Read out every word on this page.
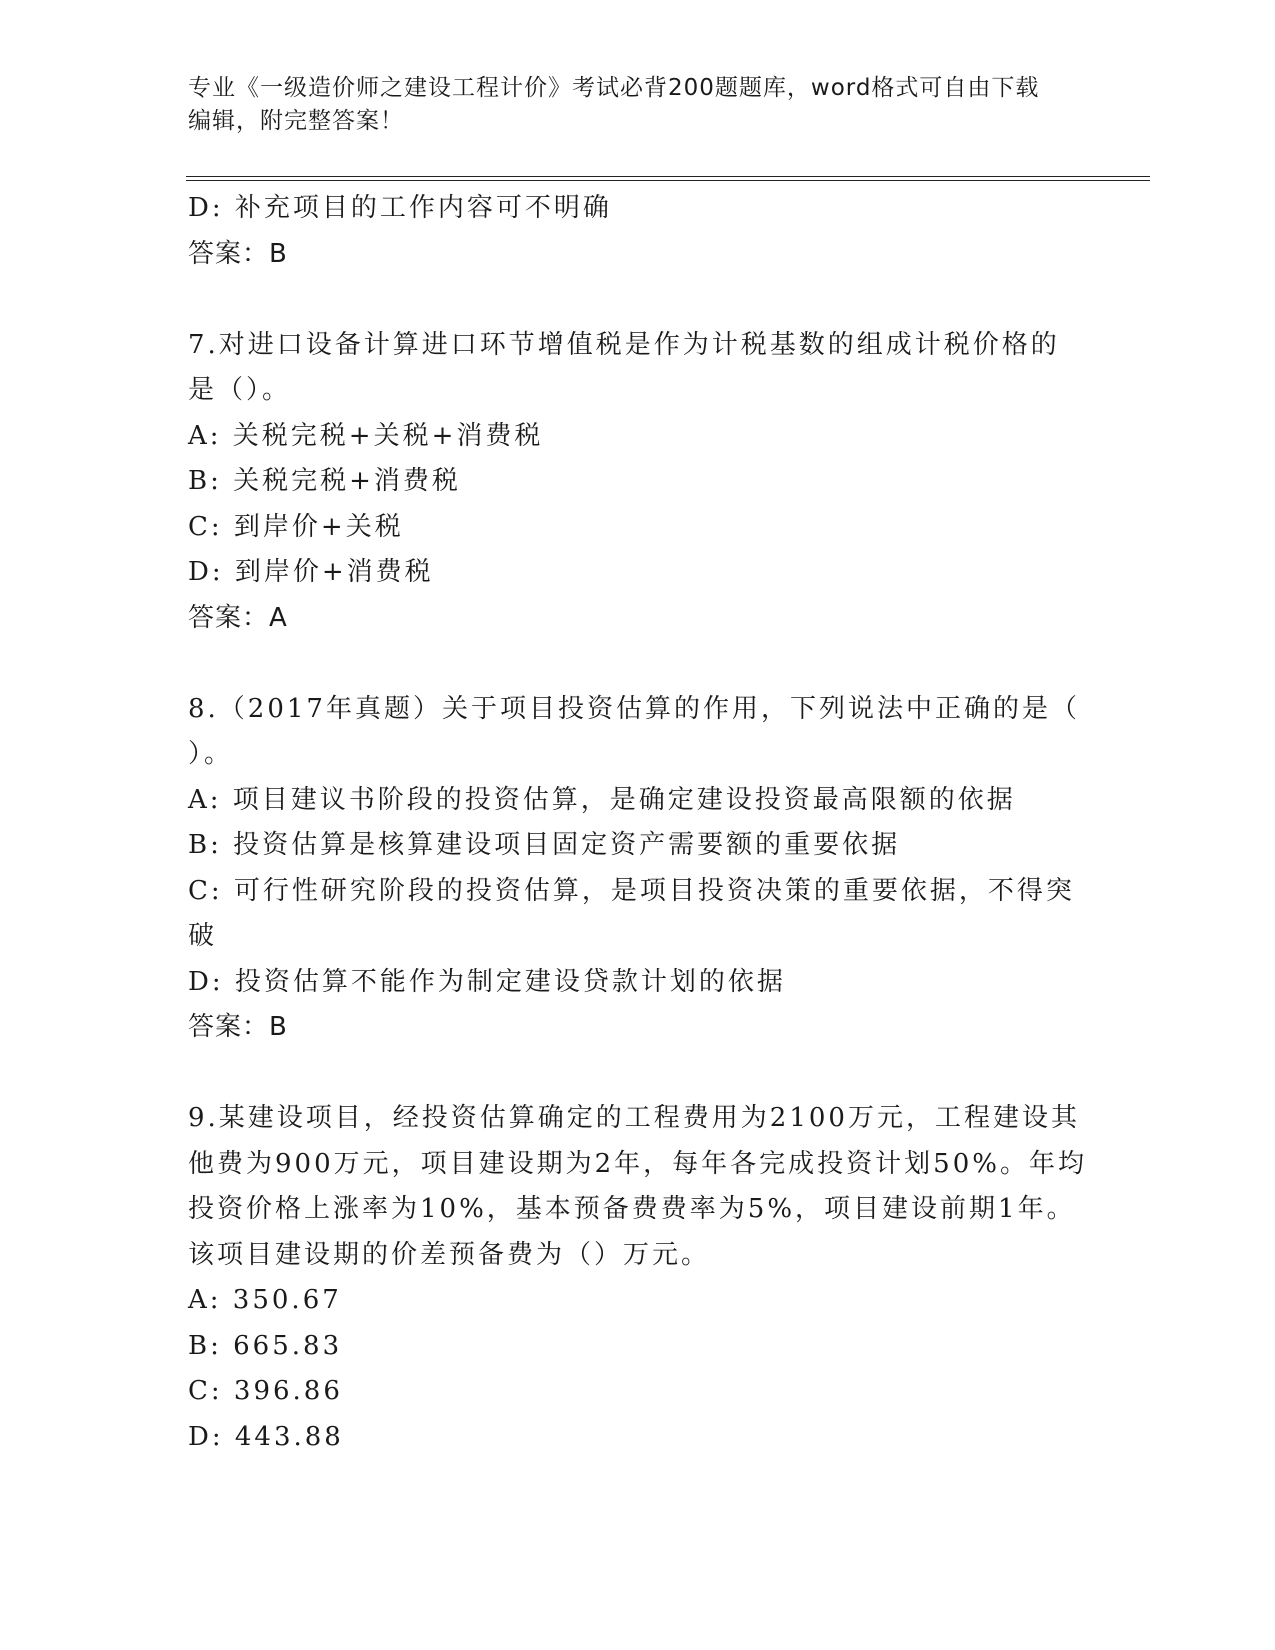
专业《一级造价师之建设工程计价》考试必背200题题库，word格式可自由下载
编辑，附完整答案！
D: 补充项目的工作内容可不明确
答案：B
7.对进口设备计算进口环节增值税是作为计税基数的组成计税价格的
是（）。
A: 关税完税+关税+消费税
B: 关税完税+消费税
C: 到岸价+关税
D: 到岸价+消费税
答案：A
8.（2017年真题）关于项目投资估算的作用，下列说法中正确的是（
）。
A: 项目建议书阶段的投资估算，是确定建设投资最高限额的依据
B: 投资估算是核算建设项目固定资产需要额的重要依据
C: 可行性研究阶段的投资估算，是项目投资决策的重要依据，不得突
破
D: 投资估算不能作为制定建设贷款计划的依据
答案：B
9.某建设项目，经投资估算确定的工程费用为2100万元，工程建设其
他费为900万元，项目建设期为2年，每年各完成投资计划50%。年均
投资价格上涨率为10%，基本预备费费率为5%，项目建设前期1年。
该项目建设期的价差预备费为（）万元。
A: 350.67
B: 665.83
C: 396.86
D: 443.88
